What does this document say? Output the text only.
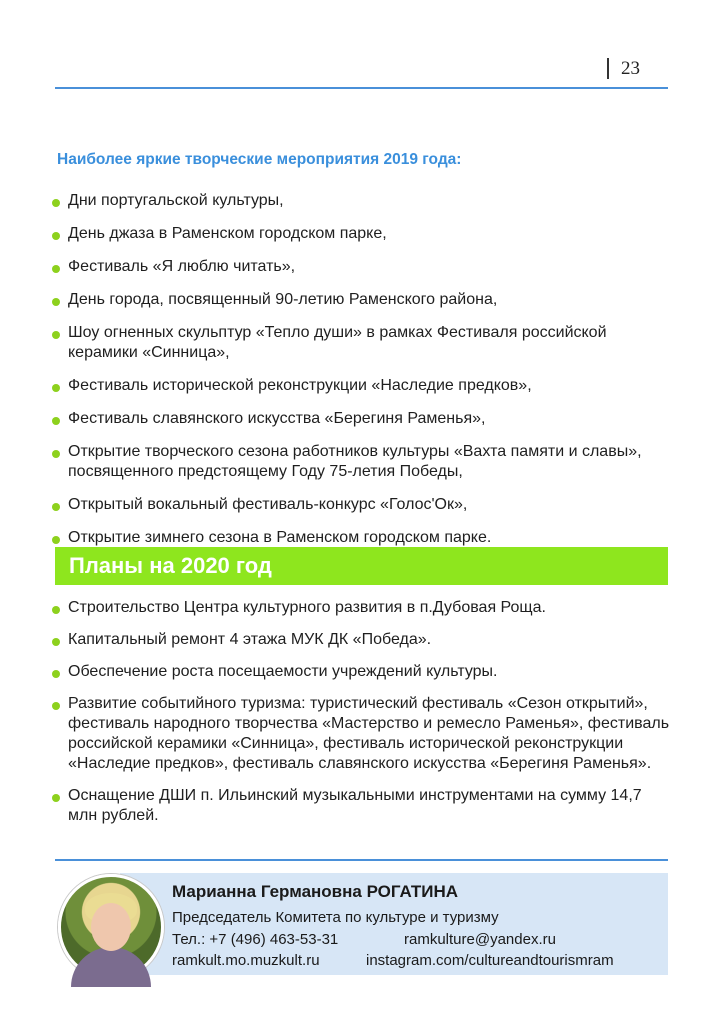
23
Наиболее яркие творческие мероприятия 2019 года:
Дни португальской культуры,
День джаза в Раменском городском парке,
Фестиваль «Я люблю читать»,
День города, посвященный 90-летию Раменского района,
Шоу огненных скульптур «Тепло души» в рамках Фестиваля российской керамики «Синница»,
Фестиваль исторической реконструкции «Наследие предков»,
Фестиваль славянского искусства «Берегиня Раменья»,
Открытие творческого сезона работников культуры «Вахта памяти и славы», посвященного предстоящему Году 75-летия Победы,
Открытый вокальный фестиваль-конкурс «Голос'Ок»,
Открытие зимнего сезона в Раменском городском парке.
Планы на 2020 год
Строительство Центра культурного развития в п.Дубовая Роща.
Капитальный ремонт 4 этажа МУК ДК «Победа».
Обеспечение роста посещаемости учреждений культуры.
Развитие событийного туризма: туристический фестиваль «Сезон открытий», фестиваль народного творчества «Мастерство и ремесло Раменья», фестиваль российской керамики «Синница», фестиваль исторической реконструкции «Наследие предков», фестиваль славянского искусства «Берегиня Раменья».
Оснащение ДШИ п. Ильинский музыкальными инструментами на сумму 14,7 млн рублей.
Марианна Германовна РОГАТИНА
Председатель Комитета по культуре и туризму
Тел.: +7 (496) 463-53-31	ramkulture@yandex.ru
ramkult.mo.muzkult.ru	instagram.com/cultureandtourismram
